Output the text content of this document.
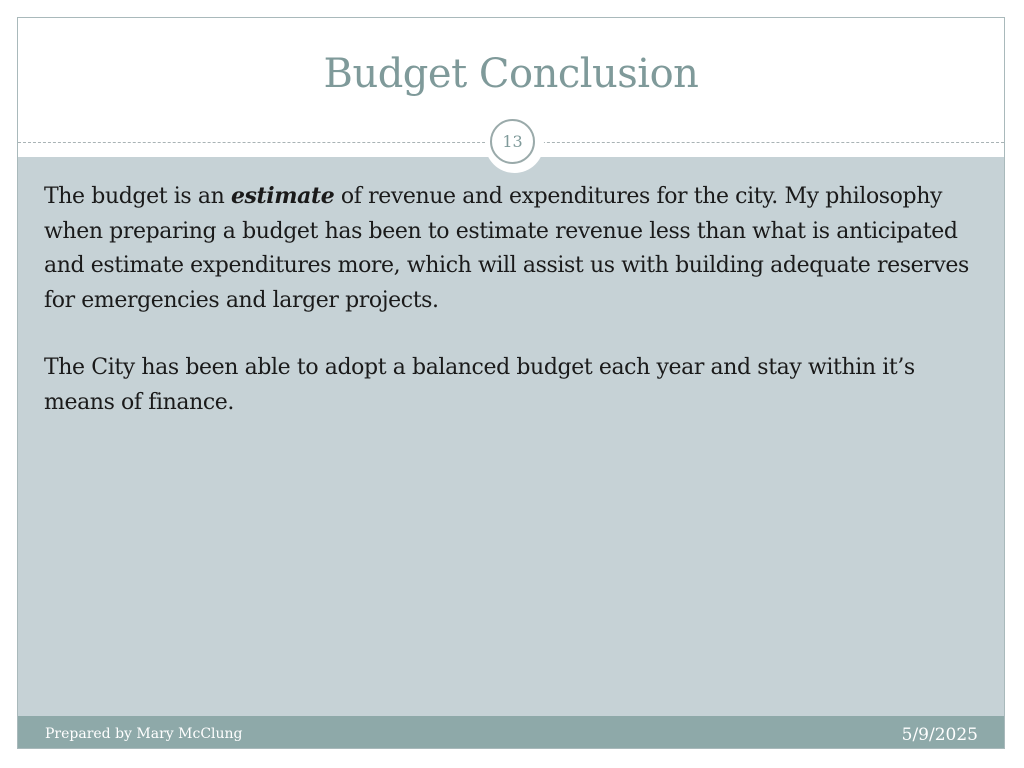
Budget Conclusion
13

The budget is an estimate of revenue and expenditures for the city. My philosophy when preparing a budget has been to estimate revenue less than what is anticipated and estimate expenditures more, which will assist us with building adequate reserves for emergencies and larger projects.

The City has been able to adopt a balanced budget each year and stay within it’s means of finance.

Prepared by Mary McClung	5/9/2025
